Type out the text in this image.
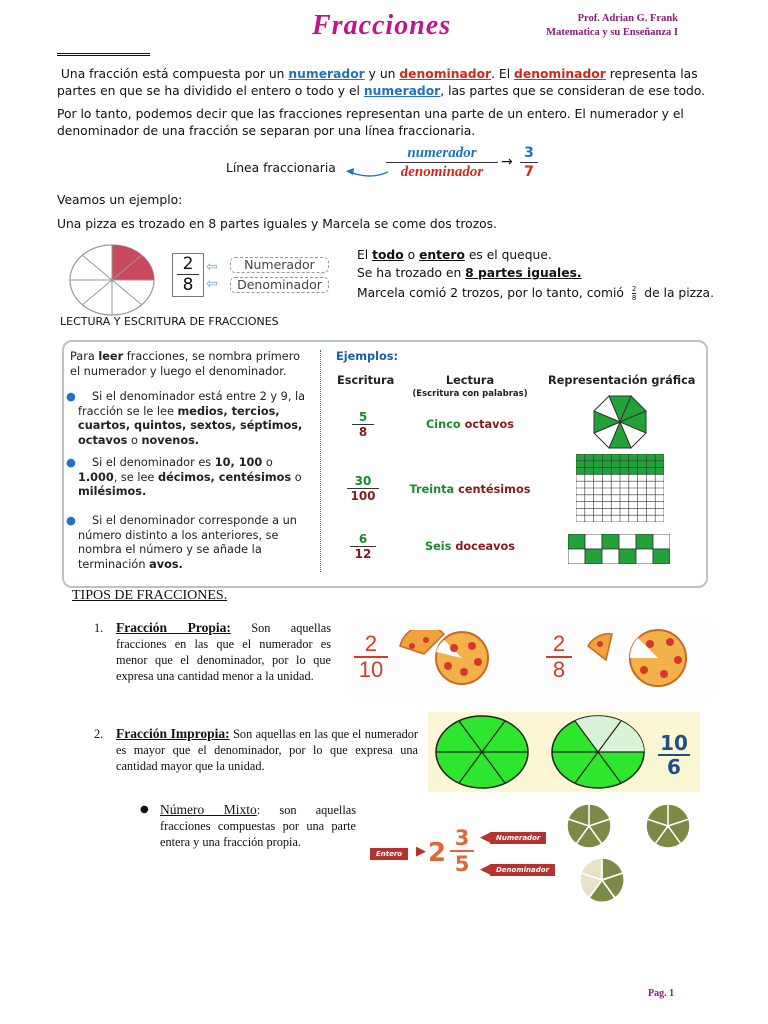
Fracciones	Prof. Adrian G. Frank
Matematica y su Enseñanza I
Una fracción está compuesta por un numerador y un denominador. El denominador representa las partes en que se ha dividido el entero o todo y el numerador, las partes que se consideran de ese todo.
Por lo tanto, podemos decir que las fracciones representan una parte de un entero. El numerador y el denominador de una fracción se separan por una línea fraccionaria.
Línea fraccionaria
numerador
denominador
→ $\frac{3}{7}$
Veamos un ejemplo:
Una pizza es trozado en 8 partes iguales y Marcela se come dos trozos.
$\frac{2}{8}$ ⇦
⇦
Numerador
Denominador
El todo o entero es el queque.
Se ha trozado en 8 partes iguales.
Marcela comió 2 trozos, por lo tanto, comió $\frac{2}{8}$ de la pizza.
LECTURA Y ESCRITURA DE FRACCIONES
Para leer fracciones, se nombra primero el numerador y luego el denominador.
● Si el denominador está entre 2 y 9, la fracción se le lee medios, tercios, cuartos, quintos, sextos, séptimos, octavos o novenos.
● Si el denominador es 10, 100 o 1.000, se lee décimos, centésimos o milésimos.
● Si el denominador corresponde a un número distinto a los anteriores, se nombra el número y se añade la terminación avos.
Ejemplos:
Escritura	Lectura
(Escritura con palabras)
Representación gráfica
$\frac{5}{8}$	Cinco octavos
$\frac{30}{100}$	Treinta centésimos
$\frac{6}{12}$	Seis doceavos
TIPOS DE FRACCIONES.
1. Fracción Propia: Son aquellas fracciones en las que el numerador es menor que el denominador, por lo que expresa una cantidad menor a la unidad.	$\frac{2}{10}$	$\frac{2}{8}$
2. Fracción Impropia: Son aquellas en las que el numerador es mayor que el denominador, por lo que expresa una cantidad mayor que la unidad.	$\frac{10}{6}$
● Número Mixto: son aquellas fracciones compuestas por una parte entera y una fracción propia.
Entero	▶ $2 \frac{3}{5}$ ◀ Numerador
◀ Denominador
Pag. 1
